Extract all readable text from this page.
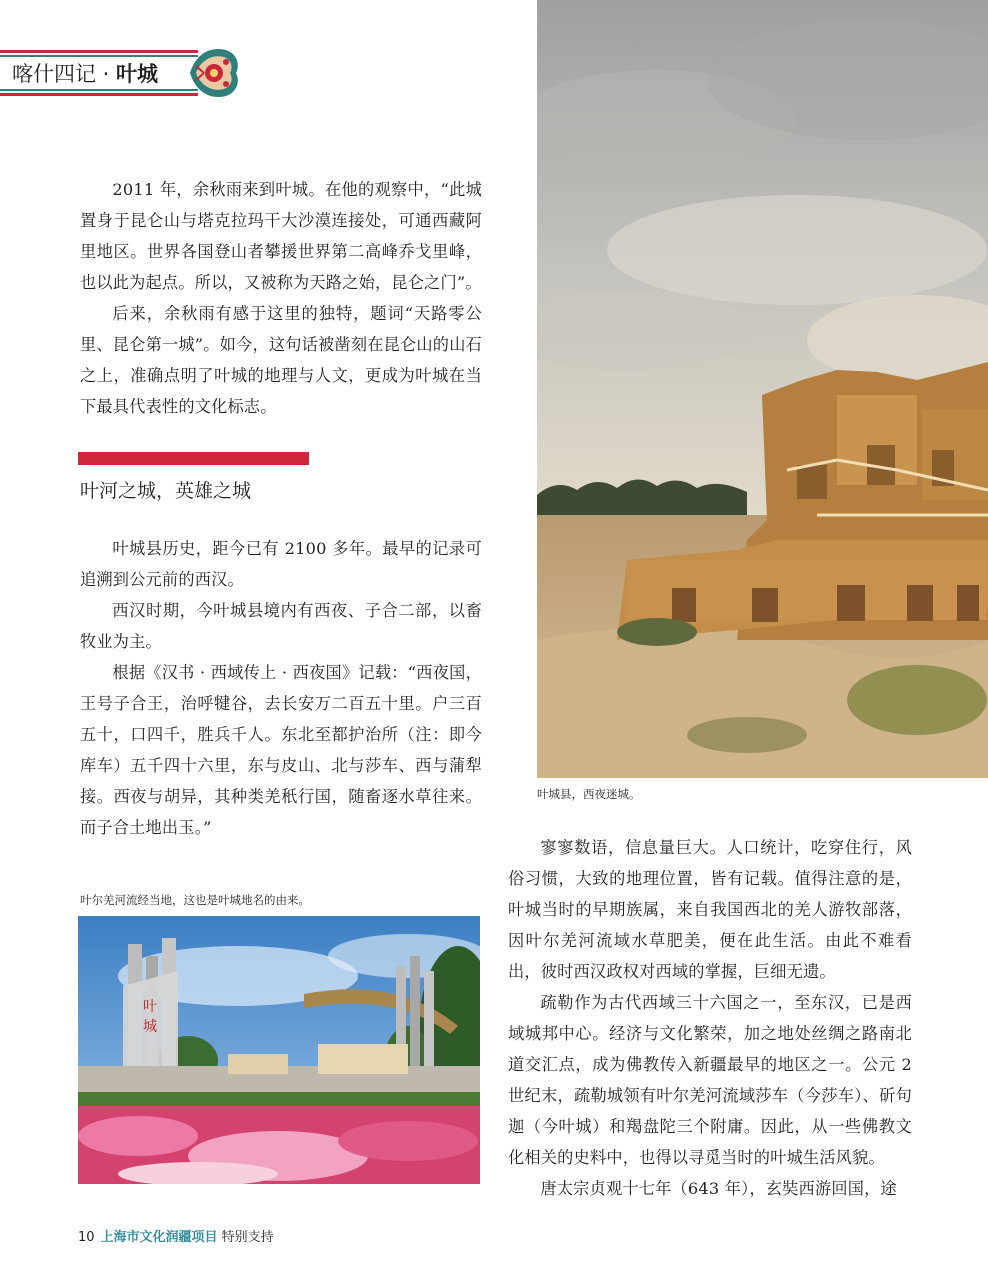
喀什四记 · 叶城

2011 年，余秋雨来到叶城。在他的观察中，“此城置身于昆仑山与塔克拉玛干大沙漠连接处，可通西藏阿里地区。世界各国登山者攀援世界第二高峰乔戈里峰，也以此为起点。所以，又被称为天路之始，昆仑之门”。

后来，余秋雨有感于这里的独特，题词“天路零公里、昆仑第一城”。如今，这句话被凿刻在昆仑山的山石之上，准确点明了叶城的地理与人文，更成为叶城在当下最具代表性的文化标志。

叶河之城，英雄之城

叶城县历史，距今已有 2100 多年。最早的记录可追溯到公元前的西汉。

西汉时期，今叶城县境内有西夜、子合二部，以畜牧业为主。

根据《汉书 · 西域传上 · 西夜国》记载：“西夜国，王号子合王，治呼犍谷，去长安万二百五十里。户三百五十，口四千，胜兵千人。东北至都护治所（注：即今库车）五千四十六里，东与皮山、北与莎车、西与蒲犁接。西夜与胡异，其种类羌秖行国，随畜逐水草往来。而子合土地出玉。”

叶城县，西夜迷城。

寥寥数语，信息量巨大。人口统计，吃穿住行，风俗习惯，大致的地理位置，皆有记载。值得注意的是，叶城当时的早期族属，来自我国西北的羌人游牧部落，因叶尔羌河流域水草肥美，便在此生活。由此不难看出，彼时西汉政权对西域的掌握，巨细无遗。

疏勒作为古代西域三十六国之一，至东汉，已是西域城邦中心。经济与文化繁荣，加之地处丝绸之路南北道交汇点，成为佛教传入新疆最早的地区之一。公元 2 世纪末，疏勒城领有叶尔羌河流域莎车（今莎车）、斫句迦（今叶城）和羯盘陀三个附庸。因此，从一些佛教文化相关的史料中，也得以寻觅当时的叶城生活风貌。

唐太宗贞观十七年（643 年），玄奘西游回国，途

叶尔羌河流经当地，这也是叶城地名的由来。
叶
城
10 上海市文化润疆项目 特别支持
